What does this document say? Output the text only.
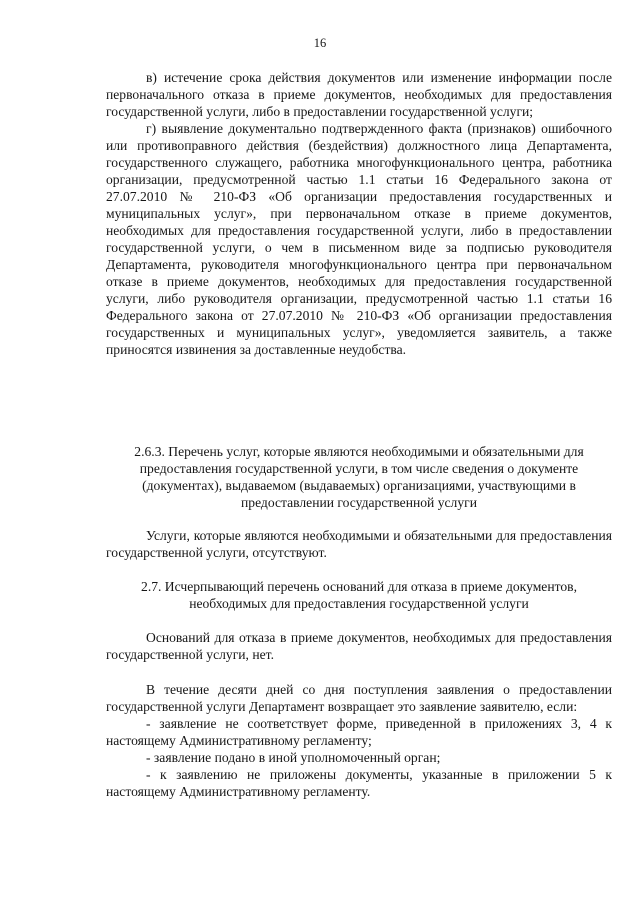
16

в) истечение срока действия документов или изменение информации после первоначального отказа в приеме документов, необходимых для предоставления государственной услуги, либо в предоставлении государственной услуги;

г) выявление документально подтвержденного факта (признаков) ошибочного или противоправного действия (бездействия) должностного лица Департамента, государственного служащего, работника многофункционального центра, работника организации, предусмотренной частью 1.1 статьи 16 Федерального закона от 27.07.2010 № 210-ФЗ «Об организации предоставления государственных и муниципальных услуг», при первоначальном отказе в приеме документов, необходимых для предоставления государственной услуги, либо в предоставлении государственной услуги, о чем в письменном виде за подписью руководителя Департамента, руководителя многофункционального центра при первоначальном отказе в приеме документов, необходимых для предоставления государственной услуги, либо руководителя организации, предусмотренной частью 1.1 статьи 16 Федерального закона от 27.07.2010 № 210-ФЗ «Об организации предоставления государственных и муниципальных услуг», уведомляется заявитель, а также приносятся извинения за доставленные неудобства.

2.6.3. Перечень услуг, которые являются необходимыми и обязательными для предоставления государственной услуги, в том числе сведения о документе (документах), выдаваемом (выдаваемых) организациями, участвующими в предоставлении государственной услуги

Услуги, которые являются необходимыми и обязательными для предоставления государственной услуги, отсутствуют.

2.7. Исчерпывающий перечень оснований для отказа в приеме документов, необходимых для предоставления государственной услуги

Оснований для отказа в приеме документов, необходимых для предоставления государственной услуги, нет.

В течение десяти дней со дня поступления заявления о предоставлении государственной услуги Департамент возвращает это заявление заявителю, если:

- заявление не соответствует форме, приведенной в приложениях 3, 4 к настоящему Административному регламенту;

- заявление подано в иной уполномоченный орган;

- к заявлению не приложены документы, указанные в приложении 5 к настоящему Административному регламенту.
